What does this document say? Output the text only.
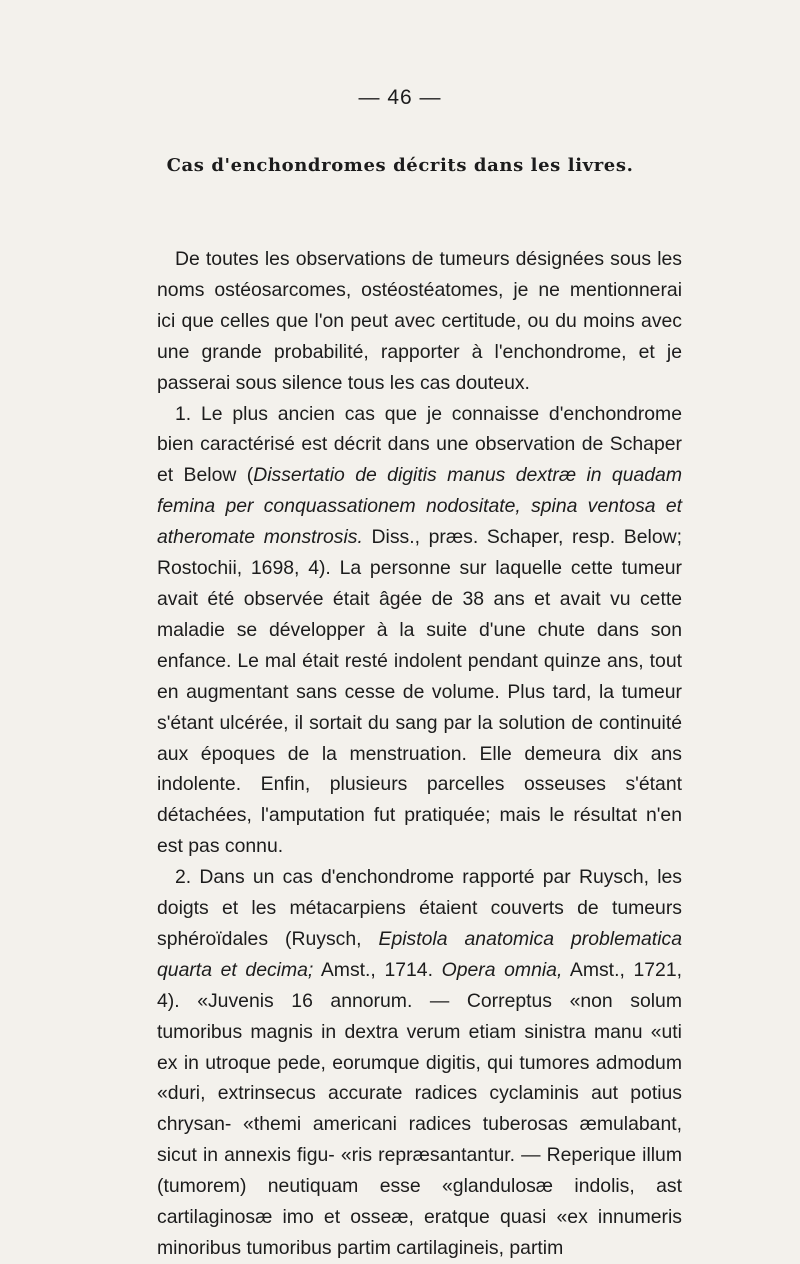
— 46 —
Cas d'enchondromes décrits dans les livres.

De toutes les observations de tumeurs désignées sous les noms ostéosarcomes, ostéostéatomes, je ne mentionnerai ici que celles que l'on peut avec certitude, ou du moins avec une grande probabilité, rapporter à l'enchondrome, et je passerai sous silence tous les cas douteux.

1. Le plus ancien cas que je connaisse d'enchondrome bien caractérisé est décrit dans une observation de Schaper et Below (Dissertatio de digitis manus dextræ in quadam femina per conquassationem nodositate, spina ventosa et atheromate monstrosis. Diss., præs. Schaper, resp. Below; Rostochii, 1698, 4). La personne sur laquelle cette tumeur avait été observée était âgée de 38 ans et avait vu cette maladie se développer à la suite d'une chute dans son enfance. Le mal était resté indolent pendant quinze ans, tout en augmentant sans cesse de volume. Plus tard, la tumeur s'étant ulcérée, il sortait du sang par la solution de continuité aux époques de la menstruation. Elle demeura dix ans indolente. Enfin, plusieurs parcelles osseuses s'étant détachées, l'amputation fut pratiquée; mais le résultat n'en est pas connu.

2. Dans un cas d'enchondrome rapporté par Ruysch, les doigts et les métacarpiens étaient couverts de tumeurs sphéroïdales (Ruysch, Epistola anatomica problematica quarta et decima; Amst., 1714. Opera omnia, Amst., 1721, 4). «Juvenis 16 annorum. — Correptus «non solum tumoribus magnis in dextra verum etiam sinistra manu «uti ex in utroque pede, eorumque digitis, qui tumores admodum «duri, extrinsecus accurate radices cyclaminis aut potius chrysan- «themi americani radices tuberosas æmulabant, sicut in annexis figu- «ris repræsantantur. — Reperique illum (tumorem) neutiquam esse «glandulosæ indolis, ast cartilaginosæ imo et osseæ, eratque quasi «ex innumeris minoribus tumoribus partim cartilagineis, partim
